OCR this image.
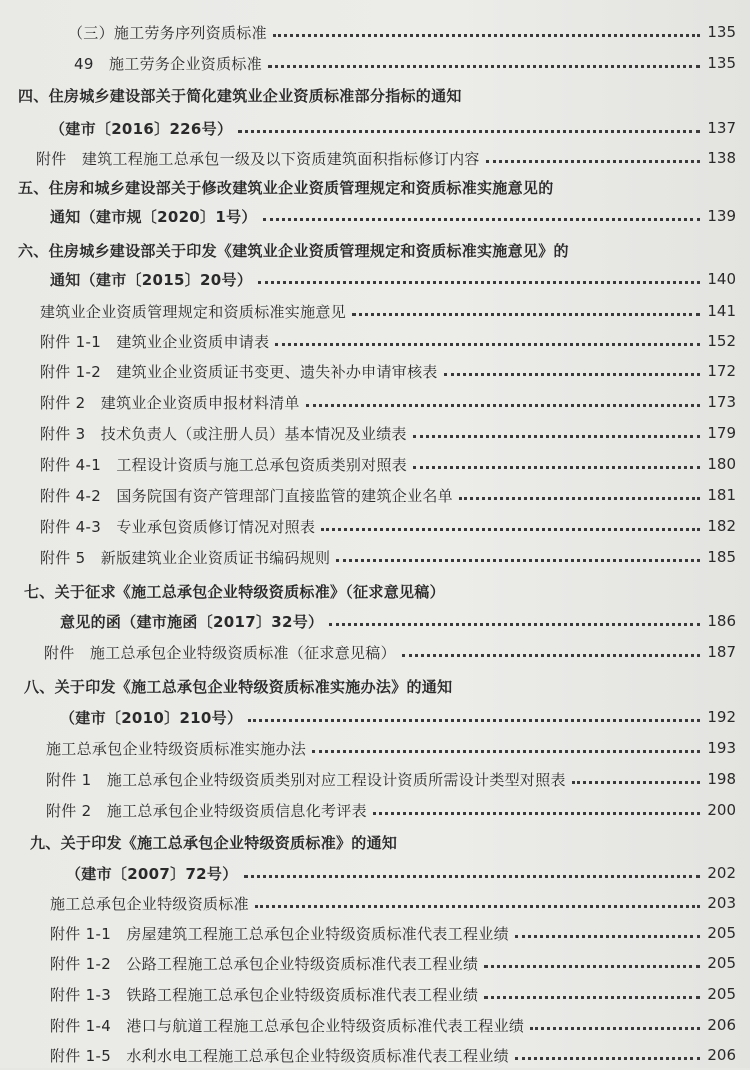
（三）施工劳务序列资质标准	135
49　施工劳务企业资质标准	135
四、住房城乡建设部关于简化建筑业企业资质标准部分指标的通知
（建市〔2016〕226号）	137
附件　建筑工程施工总承包一级及以下资质建筑面积指标修订内容	138
五、住房和城乡建设部关于修改建筑业企业资质管理规定和资质标准实施意见的
通知（建市规〔2020〕1号）	139
六、住房城乡建设部关于印发《建筑业企业资质管理规定和资质标准实施意见》的
通知（建市〔2015〕20号）	140
建筑业企业资质管理规定和资质标准实施意见	141
附件 1-1　建筑业企业资质申请表	152
附件 1-2　建筑业企业资质证书变更、遗失补办申请审核表	172
附件 2　建筑业企业资质申报材料清单	173
附件 3　技术负责人（或注册人员）基本情况及业绩表	179
附件 4-1　工程设计资质与施工总承包资质类别对照表	180
附件 4-2　国务院国有资产管理部门直接监管的建筑企业名单	181
附件 4-3　专业承包资质修订情况对照表	182
附件 5　新版建筑业企业资质证书编码规则	185
七、关于征求《施工总承包企业特级资质标准》（征求意见稿）
意见的函（建市施函〔2017〕32号）	186
附件　施工总承包企业特级资质标准（征求意见稿）	187
八、关于印发《施工总承包企业特级资质标准实施办法》的通知
（建市〔2010〕210号）	192
施工总承包企业特级资质标准实施办法	193
附件 1　施工总承包企业特级资质类别对应工程设计资质所需设计类型对照表	198
附件 2　施工总承包企业特级资质信息化考评表	200
九、关于印发《施工总承包企业特级资质标准》的通知
（建市〔2007〕72号）	202
施工总承包企业特级资质标准	203
附件 1-1　房屋建筑工程施工总承包企业特级资质标准代表工程业绩	205
附件 1-2　公路工程施工总承包企业特级资质标准代表工程业绩	205
附件 1-3　铁路工程施工总承包企业特级资质标准代表工程业绩	205
附件 1-4　港口与航道工程施工总承包企业特级资质标准代表工程业绩	206
附件 1-5　水利水电工程施工总承包企业特级资质标准代表工程业绩	206
